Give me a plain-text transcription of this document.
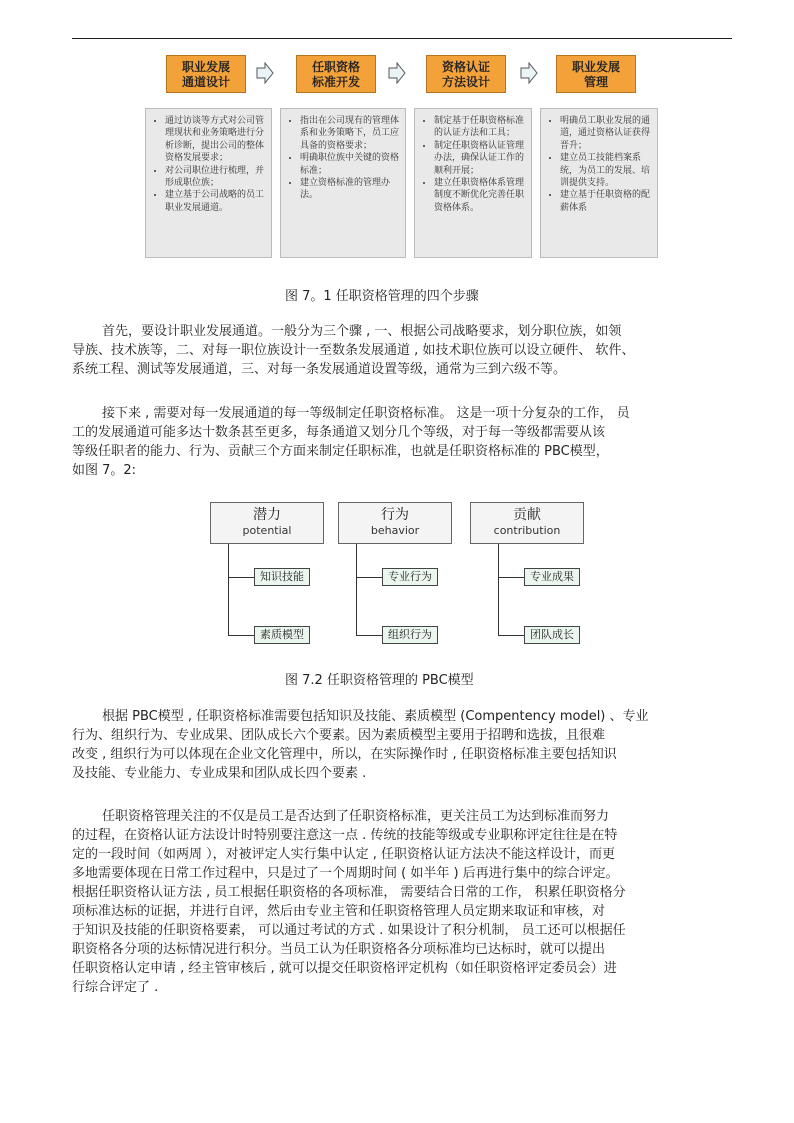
职业发展
通道设计
任职资格
标准开发
资格认证
方法设计
职业发展
管理
• 通过访谈等方式对公司管理现状和业务策略进行分析诊断，提出公司的整体资格发展要求；
• 对公司职位进行梳理，并形成职位族；
• 建立基于公司战略的员工职业发展通道。
• 指出在公司现有的管理体系和业务策略下，员工应具备的资格要求；
• 明确职位族中关键的资格标准；
• 建立资格标准的管理办法。
• 制定基于任职资格标准的认证方法和工具；
• 制定任职资格认证管理办法，确保认证工作的顺利开展；
• 建立任职资格体系管理制度不断优化完善任职资格体系。
• 明确员工职业发展的通道，通过资格认证获得晋升；
• 建立员工技能档案系统，为员工的发展、培训提供支持。
• 建立基于任职资格的配薪体系
图 7。1 任职资格管理的四个步骤

首先，要设计职业发展通道。一般分为三个骤 , 一、根据公司战略要求，划分职位族，如领

导族、技术族等，二、对每一职位族设计一至数条发展通道 , 如技术职位族可以设立硬件、 软件、

系统工程、测试等发展通道，三、对每一条发展通道设置等级，通常为三到六级不等。

接下来 , 需要对每一发展通道的每一等级制定任职资格标准。 这是一项十分复杂的工作， 员

工的发展通道可能多达十数条甚至更多，每条通道又划分几个等级，对于每一等级都需要从该

等级任职者的能力、行为、贡献三个方面来制定任职标准，也就是任职资格标准的 PBC模型，

如图 7。2:

潜力
potential
行为
behavior
贡献
contribution
知识技能
素质模型
专业行为
组织行为
专业成果
团队成长
图 7.2 任职资格管理的 PBC模型

根据 PBC模型 , 任职资格标准需要包括知识及技能、素质模型 (Compentency model) 、专业

行为、组织行为、专业成果、团队成长六个要素。因为素质模型主要用于招聘和选拔，且很难

改变 , 组织行为可以体现在企业文化管理中，所以，在实际操作时 , 任职资格标准主要包括知识

及技能、专业能力、专业成果和团队成长四个要素 .

任职资格管理关注的不仅是员工是否达到了任职资格标准，更关注员工为达到标准而努力

的过程，在资格认证方法设计时特别要注意这一点 . 传统的技能等级或专业职称评定往往是在特

定的一段时间（如两周 ），对被评定人实行集中认定 , 任职资格认证方法决不能这样设计，而更

多地需要体现在日常工作过程中，只是过了一个周期时间 ( 如半年 ) 后再进行集中的综合评定。

根据任职资格认证方法 , 员工根据任职资格的各项标准， 需要结合日常的工作， 积累任职资格分

项标准达标的证据，并进行自评，然后由专业主管和任职资格管理人员定期来取证和审核，对

于知识及技能的任职资格要素， 可以通过考试的方式 . 如果设计了积分机制， 员工还可以根据任

职资格各分项的达标情况进行积分。当员工认为任职资格各分项标准均已达标时，就可以提出

任职资格认定申请 , 经主管审核后 , 就可以提交任职资格评定机构（如任职资格评定委员会）进

行综合评定了 .
